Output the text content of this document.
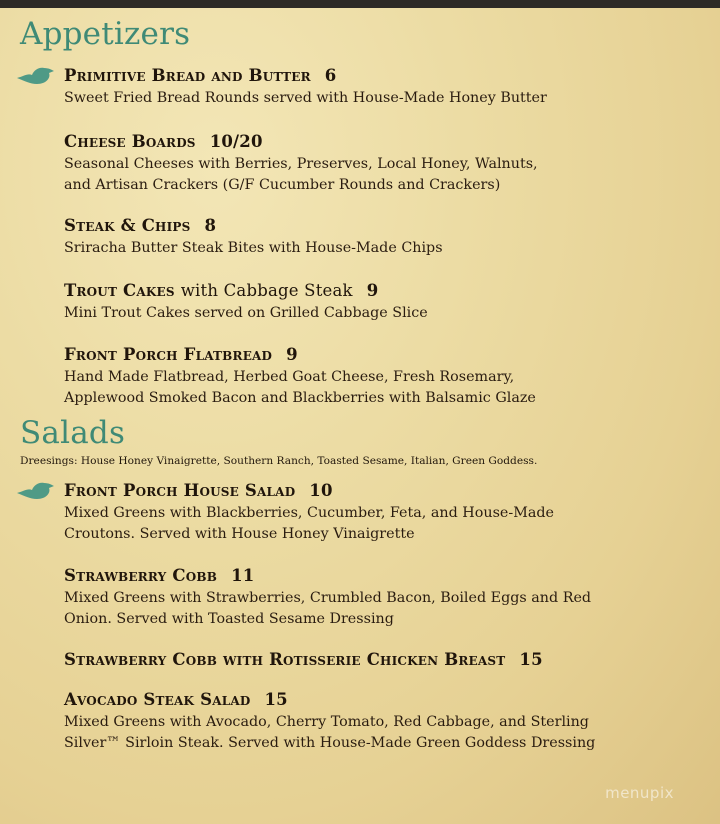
Appetizers
Primitive Bread and Butter 6
Sweet Fried Bread Rounds served with House-Made Honey Butter
Cheese Boards 10/20
Seasonal Cheeses with Berries, Preserves, Local Honey, Walnuts,
and Artisan Crackers (G/F Cucumber Rounds and Crackers)
Steak & Chips 8
Sriracha Butter Steak Bites with House-Made Chips
Trout Cakes with Cabbage Steak 9
Mini Trout Cakes served on Grilled Cabbage Slice
Front Porch Flatbread 9
Hand Made Flatbread, Herbed Goat Cheese, Fresh Rosemary,
Applewood Smoked Bacon and Blackberries with Balsamic Glaze
Salads
Dreesings: House Honey Vinaigrette, Southern Ranch, Toasted Sesame, Italian, Green Goddess.
Front Porch House Salad 10
Mixed Greens with Blackberries, Cucumber, Feta, and House-Made
Croutons. Served with House Honey Vinaigrette
Strawberry Cobb 11
Mixed Greens with Strawberries, Crumbled Bacon, Boiled Eggs and Red
Onion. Served with Toasted Sesame Dressing
Strawberry Cobb with Rotisserie Chicken Breast 15
Avocado Steak Salad 15
Mixed Greens with Avocado, Cherry Tomato, Red Cabbage, and Sterling
Silver™ Sirloin Steak. Served with House-Made Green Goddess Dressing
menupix
